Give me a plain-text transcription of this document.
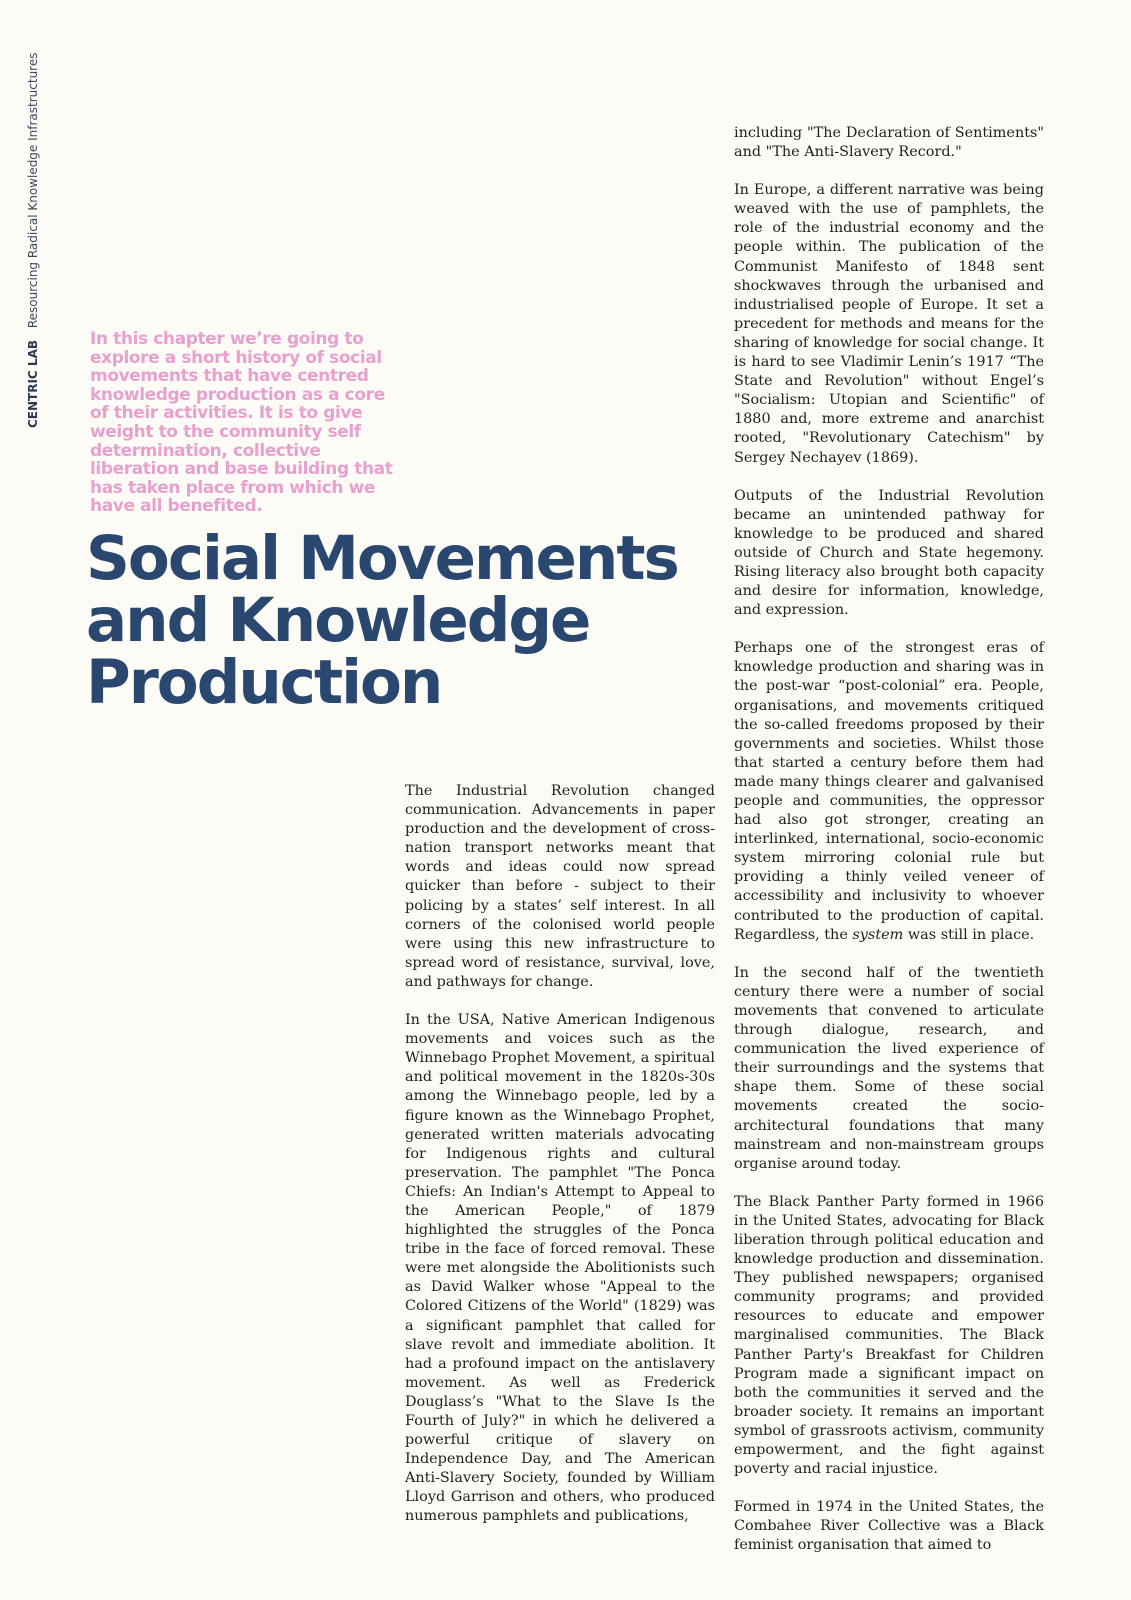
CENTRIC LAB Resourcing Radical Knowledge Infrastructures

In this chapter we’re going to explore a short history of social movements that have centred knowledge production as a core of their activities. It is to give weight to the community self determination, collective liberation and base building that has taken place from which we have all benefited.

Social Movements
and Knowledge
Production

The Industrial Revolution changed communication. Advancements in paper production and the development of cross-nation transport networks meant that words and ideas could now spread quicker than before - subject to their policing by a states’ self interest. In all corners of the colonised world people were using this new infrastructure to spread word of resistance, survival, love, and pathways for change.

In the USA, Native American Indigenous movements and voices such as the Winnebago Prophet Movement, a spiritual and political movement in the 1820s-30s among the Winnebago people, led by a figure known as the Winnebago Prophet, generated written materials advocating for Indigenous rights and cultural preservation. The pamphlet "The Ponca Chiefs: An Indian's Attempt to Appeal to the American People," of 1879 highlighted the struggles of the Ponca tribe in the face of forced removal. These were met alongside the Abolitionists such as David Walker whose "Appeal to the Colored Citizens of the World" (1829) was a significant pamphlet that called for slave revolt and immediate abolition. It had a profound impact on the antislavery movement. As well as Frederick Douglass’s "What to the Slave Is the Fourth of July?" in which he delivered a powerful critique of slavery on Independence Day, and The American Anti-Slavery Society, founded by William Lloyd Garrison and others, who produced numerous pamphlets and publications,

including "The Declaration of Sentiments" and "The Anti-Slavery Record."

In Europe, a different narrative was being weaved with the use of pamphlets, the role of the industrial economy and the people within. The publication of the Communist Manifesto of 1848 sent shockwaves through the urbanised and industrialised people of Europe. It set a precedent for methods and means for the sharing of knowledge for social change. It is hard to see Vladimir Lenin’s 1917 “The State and Revolution" without Engel’s "Socialism: Utopian and Scientific" of 1880 and, more extreme and anarchist rooted, "Revolutionary Catechism" by Sergey Nechayev (1869).

Outputs of the Industrial Revolution became an unintended pathway for knowledge to be produced and shared outside of Church and State hegemony. Rising literacy also brought both capacity and desire for information, knowledge, and expression.

Perhaps one of the strongest eras of knowledge production and sharing was in the post-war “post-colonial” era. People, organisations, and movements critiqued the so-called freedoms proposed by their governments and societies. Whilst those that started a century before them had made many things clearer and galvanised people and communities, the oppressor had also got stronger, creating an interlinked, international, socio-economic system mirroring colonial rule but providing a thinly veiled veneer of accessibility and inclusivity to whoever contributed to the production of capital. Regardless, the system was still in place.

In the second half of the twentieth century there were a number of social movements that convened to articulate through dialogue, research, and communication the lived experience of their surroundings and the systems that shape them. Some of these social movements created the socio-architectural foundations that many mainstream and non-mainstream groups organise around today.

The Black Panther Party formed in 1966 in the United States, advocating for Black liberation through political education and knowledge production and dissemination. They published newspapers; organised community programs; and provided resources to educate and empower marginalised communities. The Black Panther Party's Breakfast for Children Program made a significant impact on both the communities it served and the broader society. It remains an important symbol of grassroots activism, community empowerment, and the fight against poverty and racial injustice.

Formed in 1974 in the United States, the Combahee River Collective was a Black feminist organisation that aimed to
